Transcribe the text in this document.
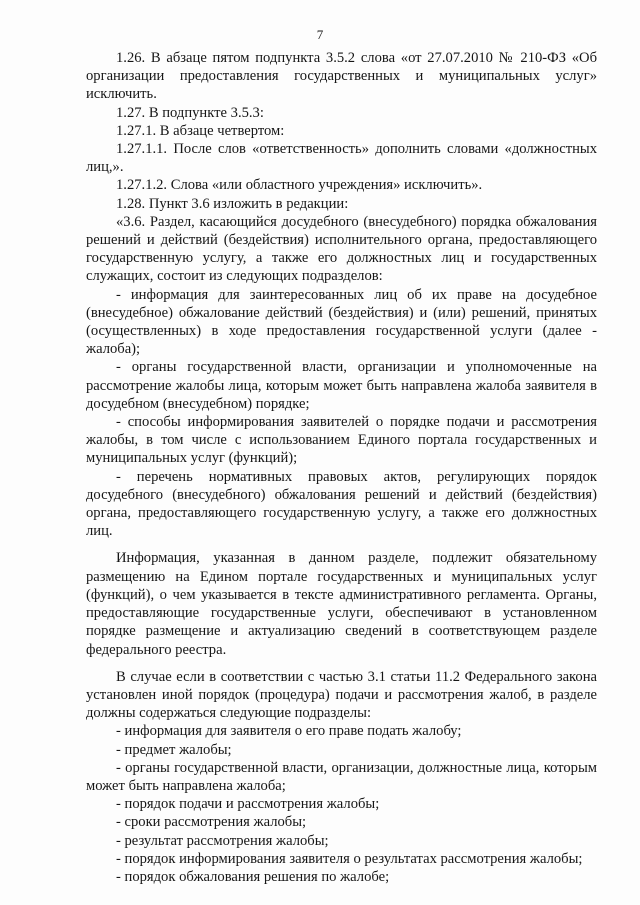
7

1.26. В абзаце пятом подпункта 3.5.2 слова «от 27.07.2010 № 210-ФЗ «Об организации предоставления государственных и муниципальных услуг» исключить.

1.27. В подпункте 3.5.3:

1.27.1. В абзаце четвертом:

1.27.1.1. После слов «ответственность» дополнить словами «должностных лиц,».

1.27.1.2. Слова «или областного учреждения» исключить».

1.28. Пункт 3.6 изложить в редакции:

«3.6. Раздел, касающийся досудебного (внесудебного) порядка обжалования решений и действий (бездействия) исполнительного органа, предоставляющего государственную услугу, а также его должностных лиц и государственных служащих, состоит из следующих подразделов:

- информация для заинтересованных лиц об их праве на досудебное (внесудебное) обжалование действий (бездействия) и (или) решений, принятых (осуществленных) в ходе предоставления государственной услуги (далее - жалоба);

- органы государственной власти, организации и уполномоченные на рассмотрение жалобы лица, которым может быть направлена жалоба заявителя в досудебном (внесудебном) порядке;

- способы информирования заявителей о порядке подачи и рассмотрения жалобы, в том числе с использованием Единого портала государственных и муниципальных услуг (функций);

- перечень нормативных правовых актов, регулирующих порядок досудебного (внесудебного) обжалования решений и действий (бездействия) органа, предоставляющего государственную услугу, а также его должностных лиц.

Информация, указанная в данном разделе, подлежит обязательному размещению на Едином портале государственных и муниципальных услуг (функций), о чем указывается в тексте административного регламента. Органы, предоставляющие государственные услуги, обеспечивают в установленном порядке размещение и актуализацию сведений в соответствующем разделе федерального реестра.

В случае если в соответствии с частью 3.1 статьи 11.2 Федерального закона установлен иной порядок (процедура) подачи и рассмотрения жалоб, в разделе должны содержаться следующие подразделы:

- информация для заявителя о его праве подать жалобу;

- предмет жалобы;

- органы государственной власти, организации, должностные лица, которым может быть направлена жалоба;

- порядок подачи и рассмотрения жалобы;

- сроки рассмотрения жалобы;

- результат рассмотрения жалобы;

- порядок информирования заявителя о результатах рассмотрения жалобы;

- порядок обжалования решения по жалобе;
